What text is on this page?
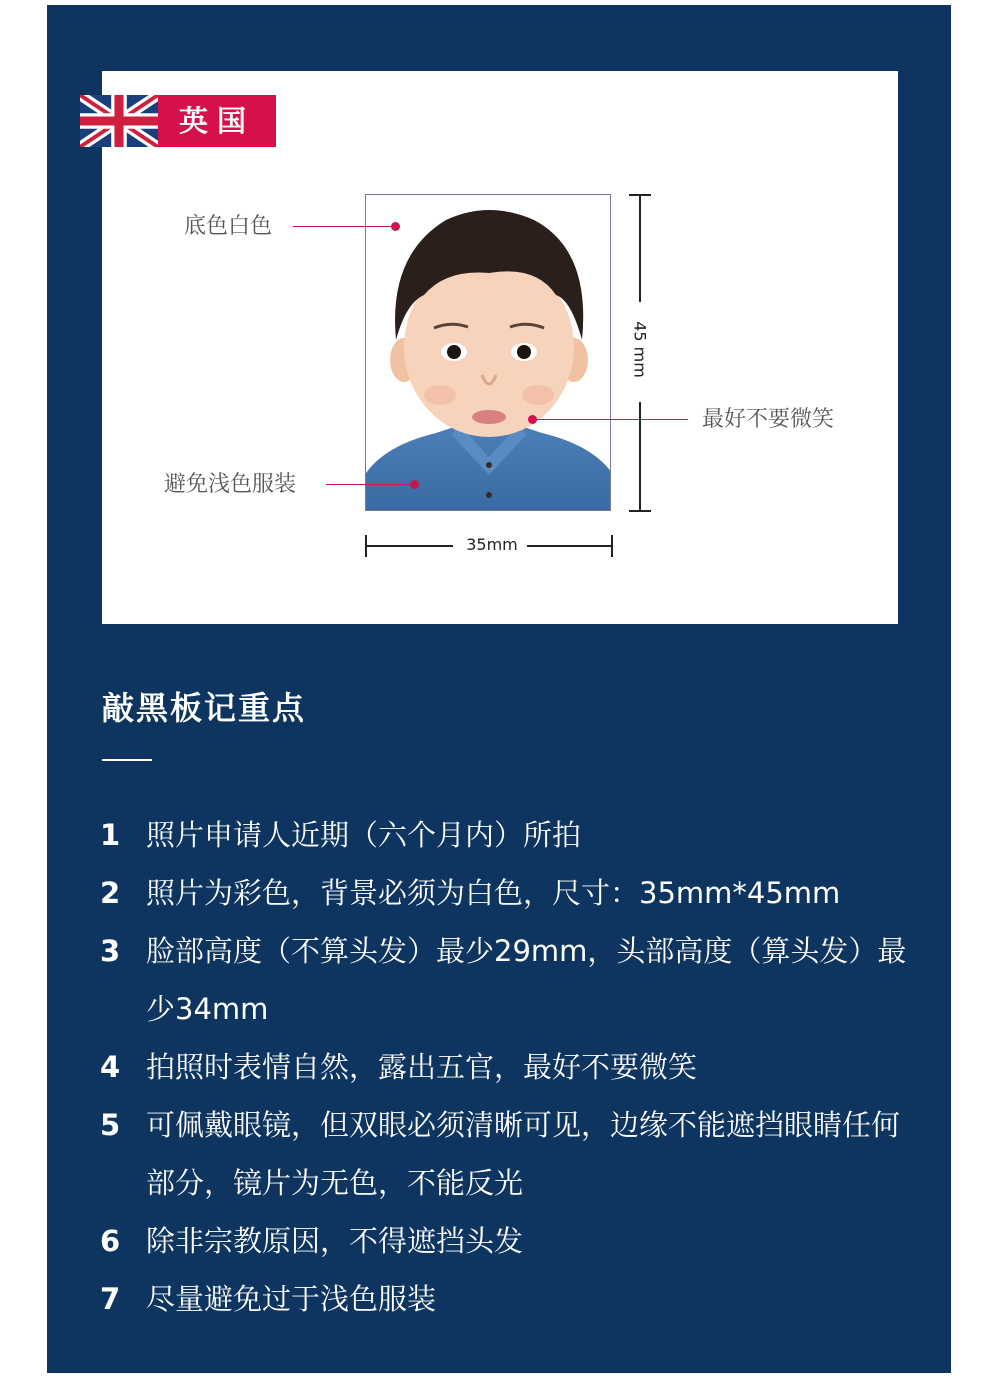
英国
底色白色
避免浅色服装
最好不要微笑
45 mm
35mm
敲黑板记重点
1 照片申请人近期（六个月内）所拍
2 照片为彩色，背景必须为白色，尺寸：35mm*45mm
3 脸部高度（不算头发）最少29mm，头部高度（算头发）最少34mm
4 拍照时表情自然，露出五官，最好不要微笑
5 可佩戴眼镜，但双眼必须清晰可见，边缘不能遮挡眼睛任何部分，镜片为无色，不能反光
6 除非宗教原因，不得遮挡头发
7 尽量避免过于浅色服装
